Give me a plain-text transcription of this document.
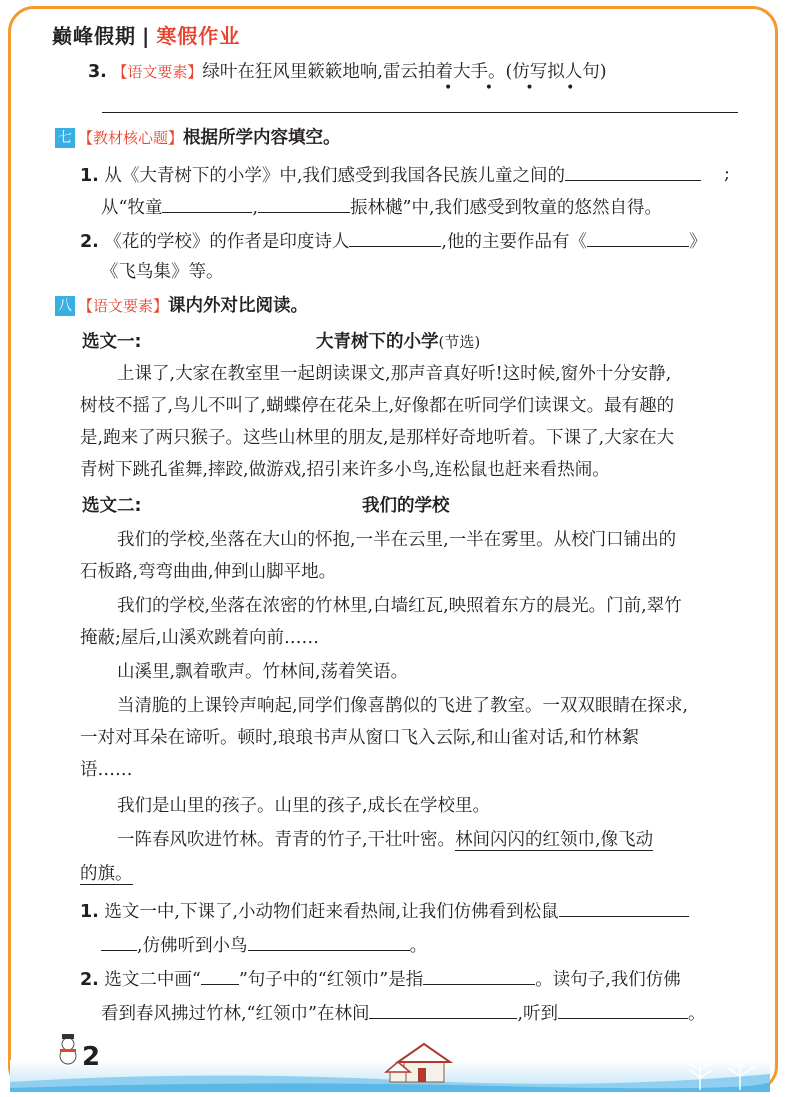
巅峰假期 | 寒假作业
3. 【语文要素】绿叶在狂风里簌簌地响,雷云拍着大手。(仿写拟人句)
• • • •
七 【教材核心题】根据所学内容填空。
1. 从《大青树下的小学》中,我们感受到我国各民族儿童之间的	;
从“牧童	,	振林樾”中,我们感受到牧童的悠然自得。
2. 《花的学校》的作者是印度诗人	,他的主要作品有《	》
《飞鸟集》等。
八 【语文要素】课内外对比阅读。
选文一:	大青树下的小学(节选)
上课了,大家在教室里一起朗读课文,那声音真好听!这时候,窗外十分安静,
树枝不摇了,鸟儿不叫了,蝴蝶停在花朵上,好像都在听同学们读课文。最有趣的
是,跑来了两只猴子。这些山林里的朋友,是那样好奇地听着。下课了,大家在大
青树下跳孔雀舞,摔跤,做游戏,招引来许多小鸟,连松鼠也赶来看热闹。
选文二:	我们的学校
我们的学校,坐落在大山的怀抱,一半在云里,一半在雾里。从校门口铺出的
石板路,弯弯曲曲,伸到山脚平地。
我们的学校,坐落在浓密的竹林里,白墙红瓦,映照着东方的晨光。门前,翠竹
掩蔽;屋后,山溪欢跳着向前……
山溪里,飘着歌声。竹林间,荡着笑语。
当清脆的上课铃声响起,同学们像喜鹊似的飞进了教室。一双双眼睛在探求,
一对对耳朵在谛听。顿时,琅琅书声从窗口飞入云际,和山雀对话,和竹林絮
语……
我们是山里的孩子。山里的孩子,成长在学校里。
一阵春风吹进竹林。青青的竹子,干壮叶密。林间闪闪的红领巾,像飞动
的旗。
1. 选文一中,下课了,小动物们赶来看热闹,让我们仿佛看到松鼠
,仿佛听到小鸟	。
2. 选文二中画“ ”句子中的“红领巾”是指	。读句子,我们仿佛
看到春风拂过竹林,“红领巾”在林间	,听到	。
2
